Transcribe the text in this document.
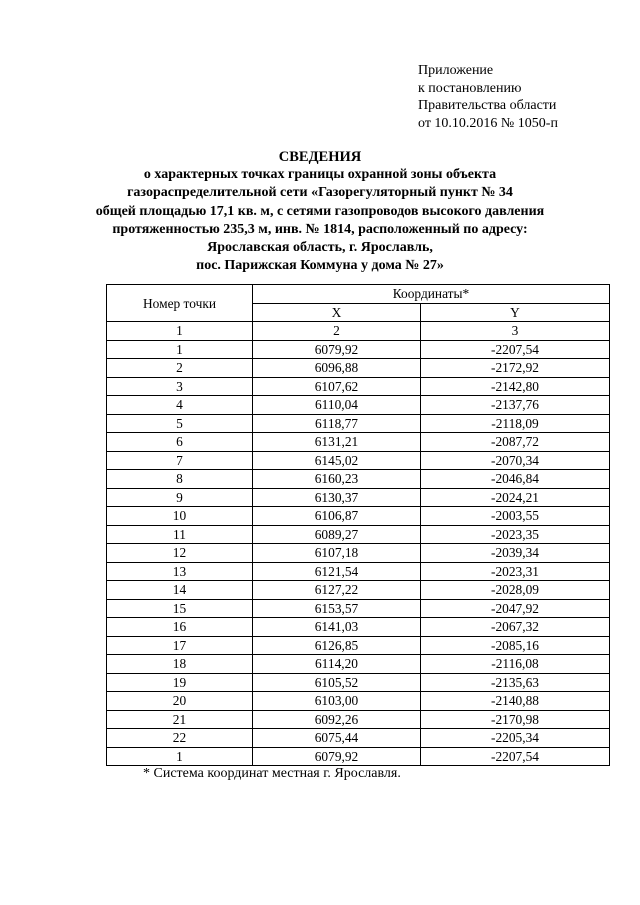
Приложение
к постановлению
Правительства области
от 10.10.2016 № 1050-п
СВЕДЕНИЯ
о характерных точках границы охранной зоны объекта
газораспределительной сети «Газорегуляторный пункт № 34
общей площадью 17,1 кв. м, с сетями газопроводов высокого давления
протяженностью 235,3 м, инв. № 1814, расположенный по адресу:
Ярославская область, г. Ярославль,
пос. Парижская Коммуна у дома № 27»
Номер точки	Координаты*	
	X	Y
1	2	3
1	6079,92	-2207,54
2	6096,88	-2172,92
3	6107,62	-2142,80
4	6110,04	-2137,76
5	6118,77	-2118,09
6	6131,21	-2087,72
7	6145,02	-2070,34
8	6160,23	-2046,84
9	6130,37	-2024,21
10	6106,87	-2003,55
11	6089,27	-2023,35
12	6107,18	-2039,34
13	6121,54	-2023,31
14	6127,22	-2028,09
15	6153,57	-2047,92
16	6141,03	-2067,32
17	6126,85	-2085,16
18	6114,20	-2116,08
19	6105,52	-2135,63
20	6103,00	-2140,88
21	6092,26	-2170,98
22	6075,44	-2205,34
1	6079,92	-2207,54
* Система координат местная г. Ярославля.
